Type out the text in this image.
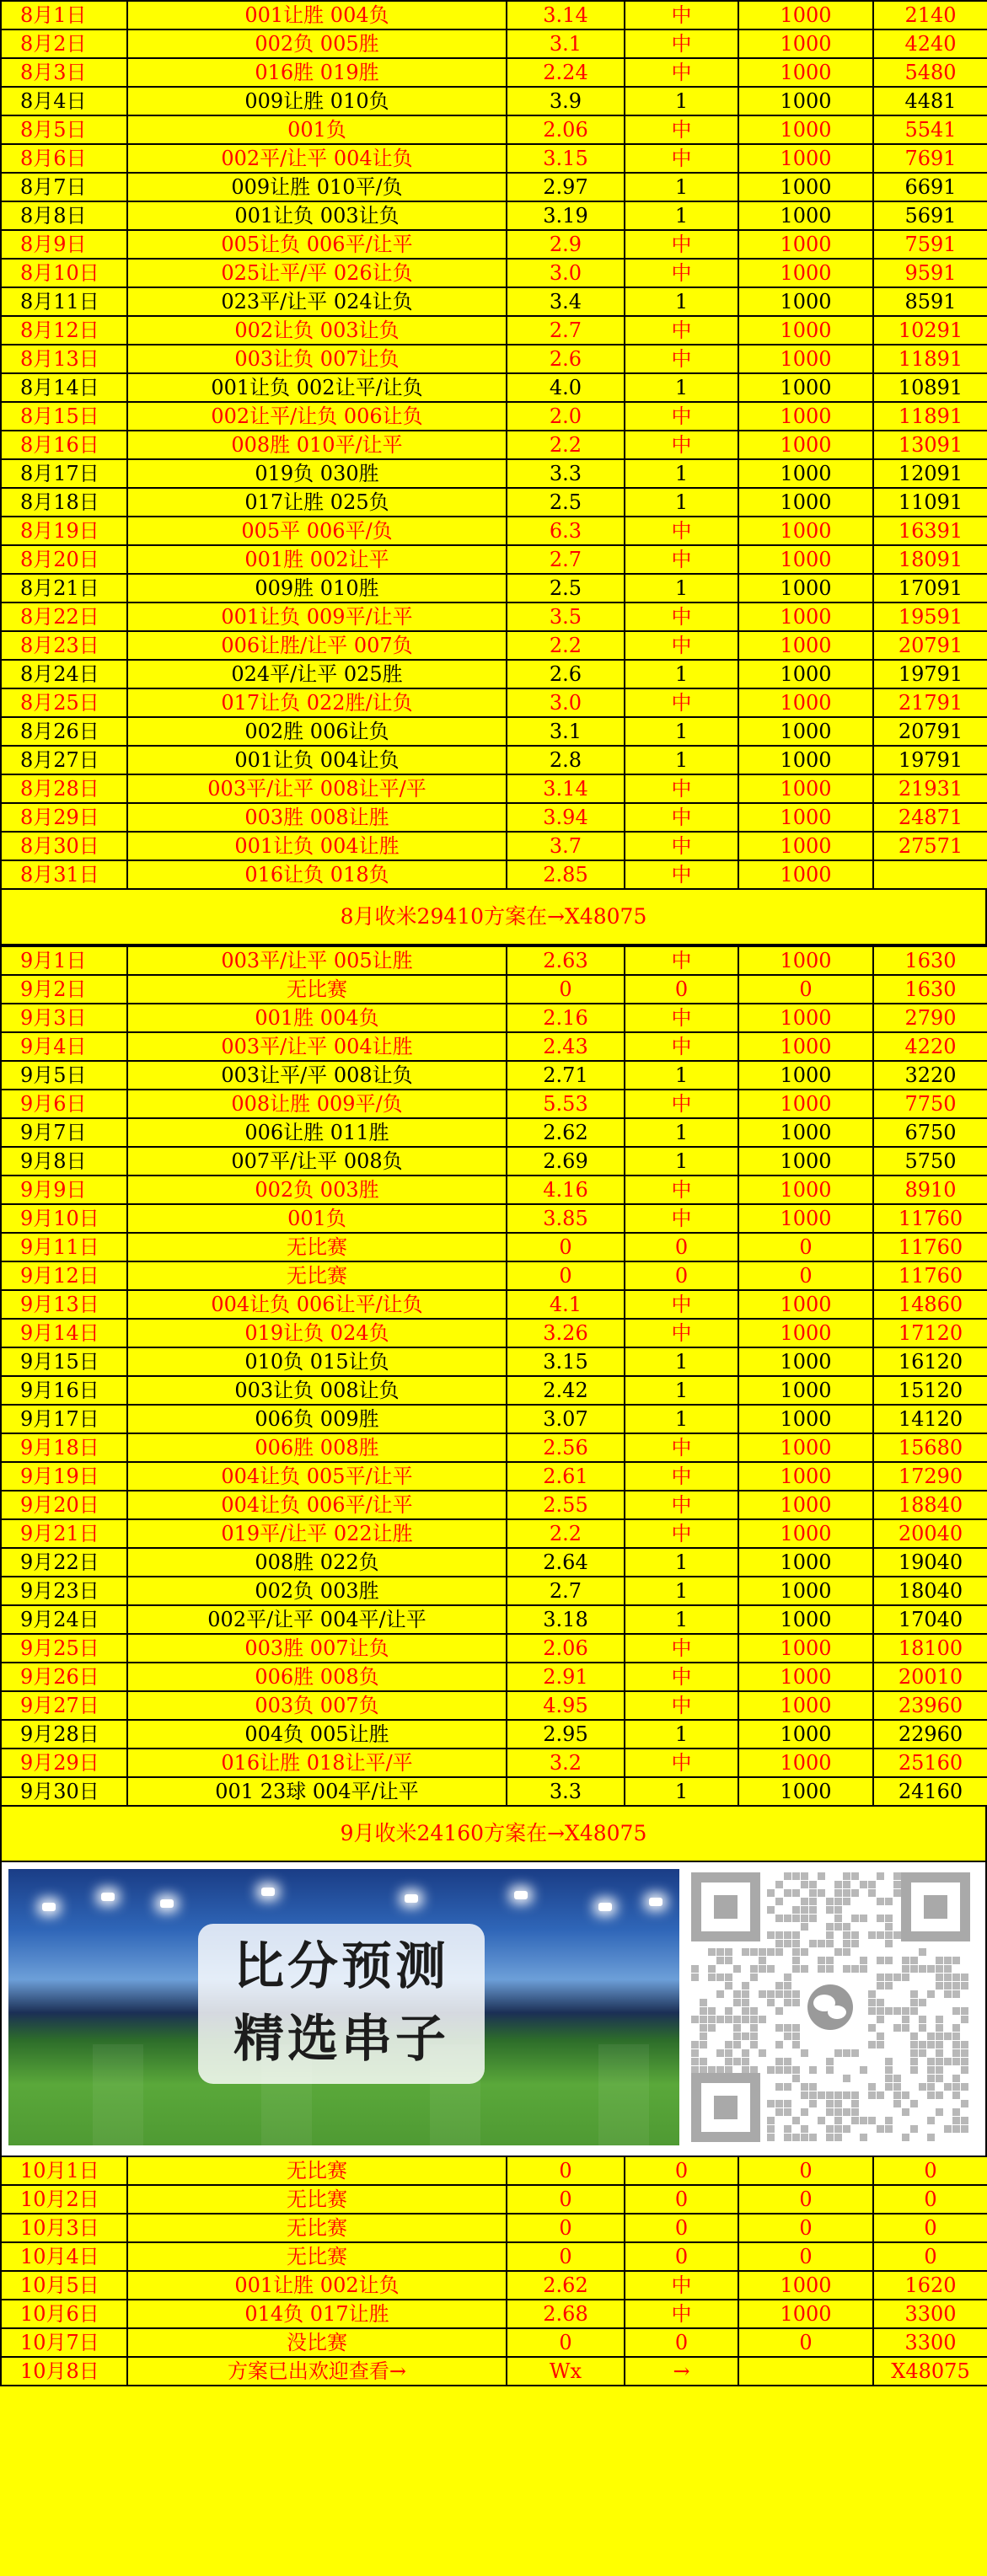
8月1日	001让胜 004负	3.14	中	1000	2140
8月2日	002负 005胜	3.1	中	1000	4240
8月3日	016胜 019胜	2.24	中	1000	5480
8月4日	009让胜 010负	3.9	1	1000	4481
8月5日	001负	2.06	中	1000	5541
8月6日	002平/让平 004让负	3.15	中	1000	7691
8月7日	009让胜 010平/负	2.97	1	1000	6691
8月8日	001让负 003让负	3.19	1	1000	5691
8月9日	005让负 006平/让平	2.9	中	1000	7591
8月10日	025让平/平 026让负	3.0	中	1000	9591
8月11日	023平/让平 024让负	3.4	1	1000	8591
8月12日	002让负 003让负	2.7	中	1000	10291
8月13日	003让负 007让负	2.6	中	1000	11891
8月14日	001让负 002让平/让负	4.0	1	1000	10891
8月15日	002让平/让负 006让负	2.0	中	1000	11891
8月16日	008胜 010平/让平	2.2	中	1000	13091
8月17日	019负 030胜	3.3	1	1000	12091
8月18日	017让胜 025负	2.5	1	1000	11091
8月19日	005平 006平/负	6.3	中	1000	16391
8月20日	001胜 002让平	2.7	中	1000	18091
8月21日	009胜 010胜	2.5	1	1000	17091
8月22日	001让负 009平/让平	3.5	中	1000	19591
8月23日	006让胜/让平 007负	2.2	中	1000	20791
8月24日	024平/让平 025胜	2.6	1	1000	19791
8月25日	017让负 022胜/让负	3.0	中	1000	21791
8月26日	002胜 006让负	3.1	1	1000	20791
8月27日	001让负 004让负	2.8	1	1000	19791
8月28日	003平/让平 008让平/平	3.14	中	1000	21931
8月29日	003胜 008让胜	3.94	中	1000	24871
8月30日	001让负 004让胜	3.7	中	1000	27571
8月31日	016让负 018负	2.85	中	1000	
8月收米29410方案在→X48075
9月1日	003平/让平 005让胜	2.63	中	1000	1630
9月2日	无比赛	0	0	0	1630
9月3日	001胜 004负	2.16	中	1000	2790
9月4日	003平/让平 004让胜	2.43	中	1000	4220
9月5日	003让平/平 008让负	2.71	1	1000	3220
9月6日	008让胜 009平/负	5.53	中	1000	7750
9月7日	006让胜 011胜	2.62	1	1000	6750
9月8日	007平/让平 008负	2.69	1	1000	5750
9月9日	002负 003胜	4.16	中	1000	8910
9月10日	001负	3.85	中	1000	11760
9月11日	无比赛	0	0	0	11760
9月12日	无比赛	0	0	0	11760
9月13日	004让负 006让平/让负	4.1	中	1000	14860
9月14日	019让负 024负	3.26	中	1000	17120
9月15日	010负 015让负	3.15	1	1000	16120
9月16日	003让负 008让负	2.42	1	1000	15120
9月17日	006负 009胜	3.07	1	1000	14120
9月18日	006胜 008胜	2.56	中	1000	15680
9月19日	004让负 005平/让平	2.61	中	1000	17290
9月20日	004让负 006平/让平	2.55	中	1000	18840
9月21日	019平/让平 022让胜	2.2	中	1000	20040
9月22日	008胜 022负	2.64	1	1000	19040
9月23日	002负 003胜	2.7	1	1000	18040
9月24日	002平/让平 004平/让平	3.18	1	1000	17040
9月25日	003胜 007让负	2.06	中	1000	18100
9月26日	006胜 008负	2.91	中	1000	20010
9月27日	003负 007负	4.95	中	1000	23960
9月28日	004负 005让胜	2.95	1	1000	22960
9月29日	016让胜 018让平/平	3.2	中	1000	25160
9月30日	001 23球 004平/让平	3.3	1	1000	24160
9月收米24160方案在→X48075
比分预测
精选串子
10月1日	无比赛	0	0	0	0
10月2日	无比赛	0	0	0	0
10月3日	无比赛	0	0	0	0
10月4日	无比赛	0	0	0	0
10月5日	001让胜 002让负	2.62	中	1000	1620
10月6日	014负 017让胜	2.68	中	1000	3300
10月7日	没比赛	0	0	0	3300
10月8日	方案已出欢迎查看→	Wx	→		X48075
